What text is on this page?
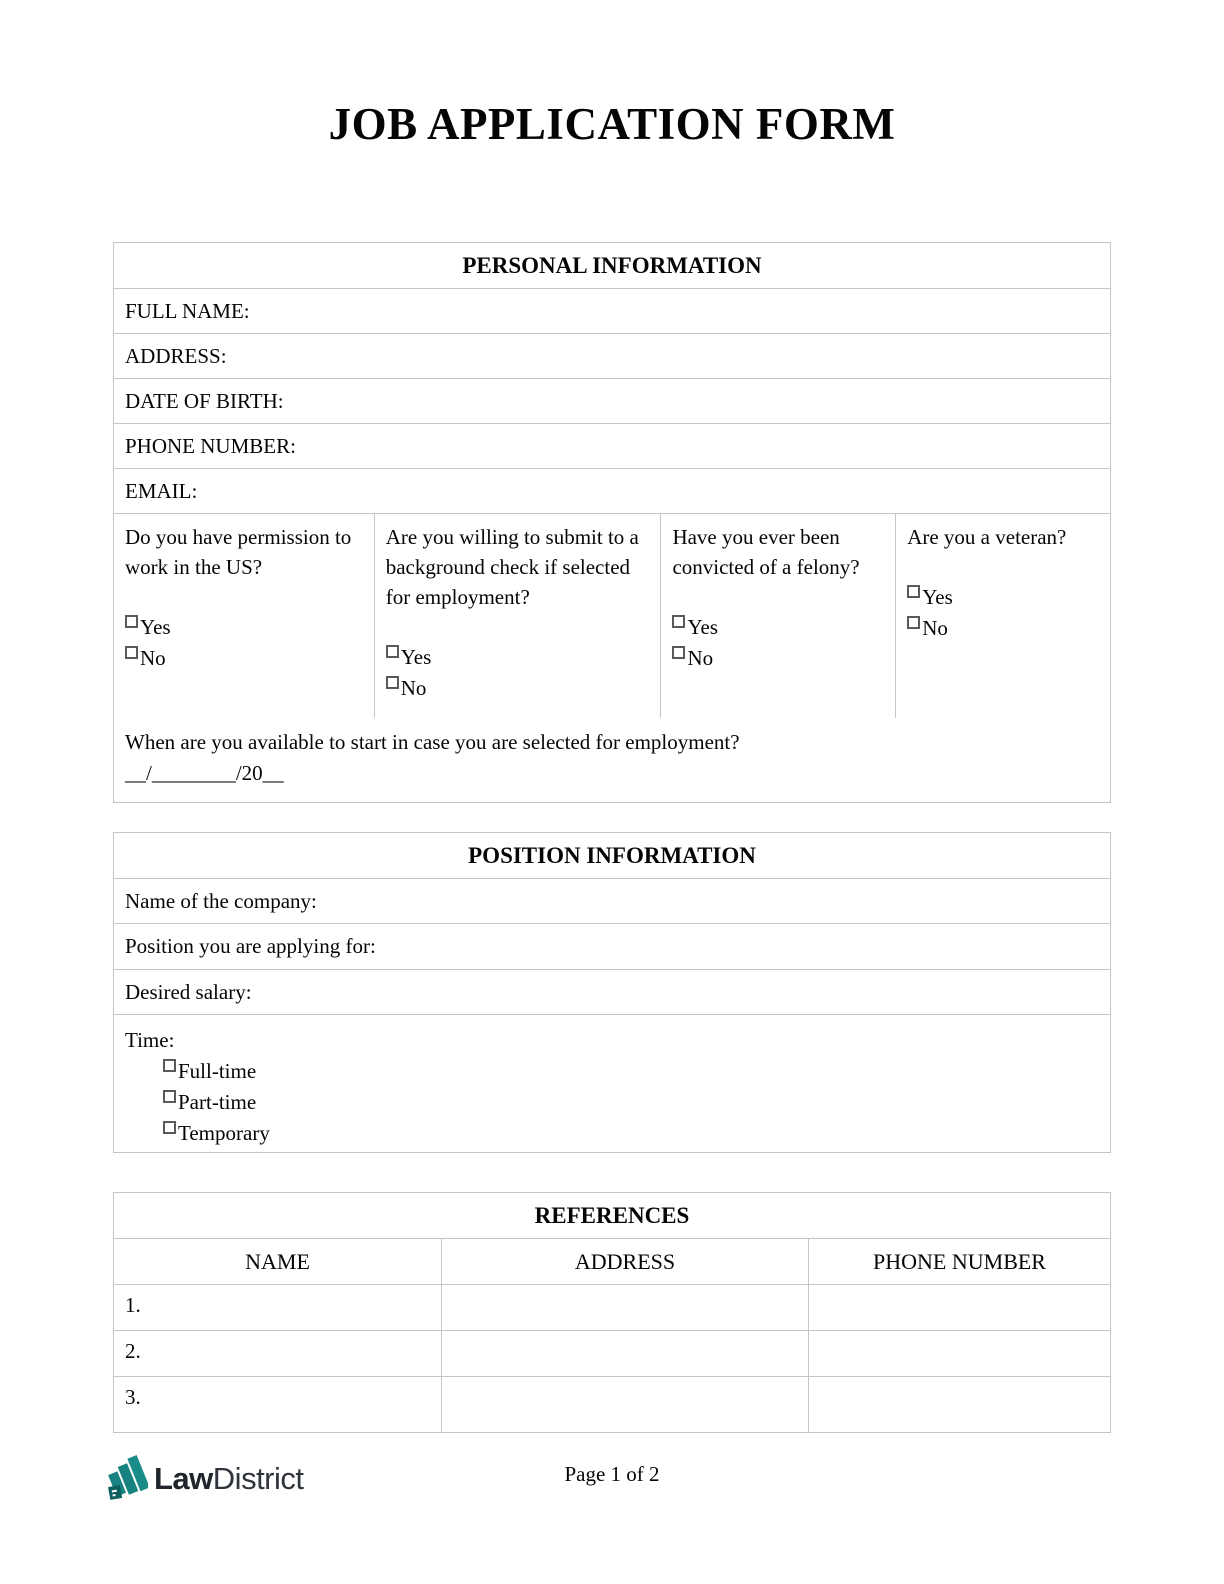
JOB APPLICATION FORM
PERSONAL INFORMATION
FULL NAME:
ADDRESS:
DATE OF BIRTH:
PHONE NUMBER:
EMAIL:
Do you have permission to work in the US?
Yes
No
Are you willing to submit to a background check if selected for employment?
Yes
No
Have you ever been convicted of a felony?
Yes
No
Are you a veteran?
Yes
No
When are you available to start in case you are selected for employment?
__/________/20__
POSITION INFORMATION
Name of the company:
Position you are applying for:
Desired salary:
Time:
Full-time
Part-time
Temporary
REFERENCES
NAME	ADDRESS	PHONE NUMBER
1.
2.
3.
Law District	Page 1 of 2
